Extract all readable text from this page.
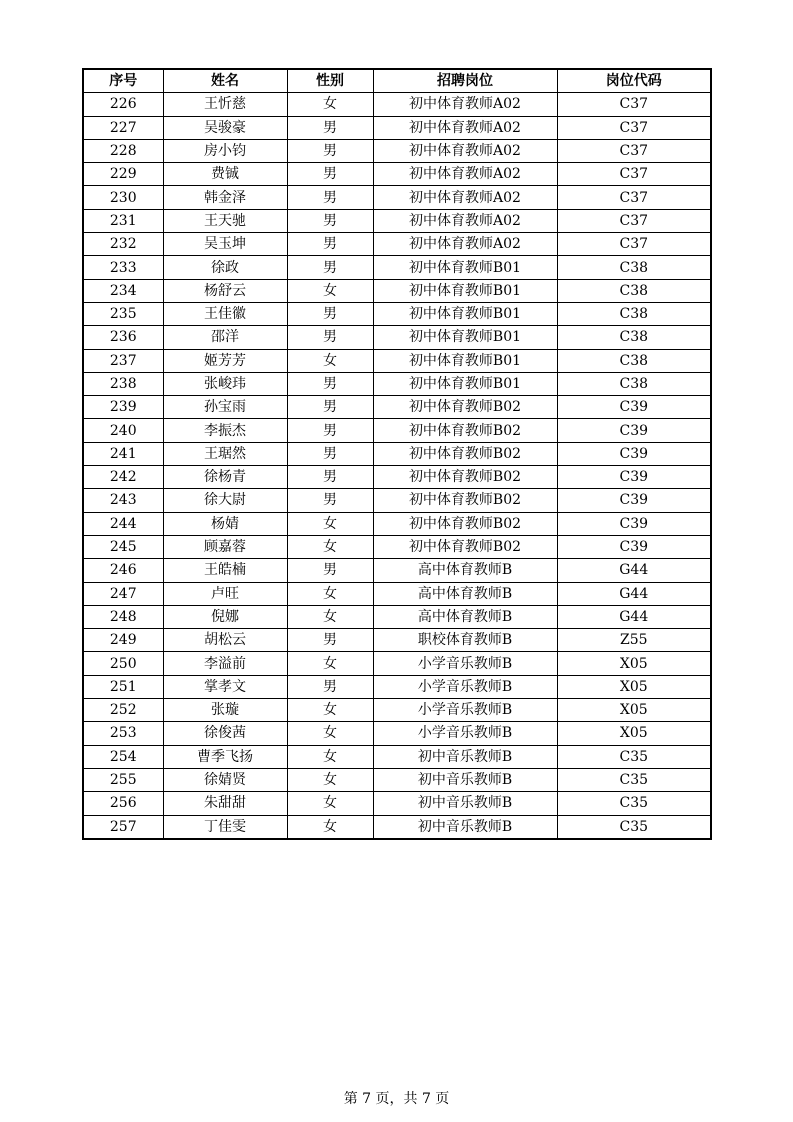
序号	姓名	性别	招聘岗位	岗位代码
226	王忻慈	女	初中体育教师A02	C37
227	吴骏豪	男	初中体育教师A02	C37
228	房小钧	男	初中体育教师A02	C37
229	费铖	男	初中体育教师A02	C37
230	韩金泽	男	初中体育教师A02	C37
231	王天驰	男	初中体育教师A02	C37
232	吴玉坤	男	初中体育教师A02	C37
233	徐政	男	初中体育教师B01	C38
234	杨舒云	女	初中体育教师B01	C38
235	王佳徽	男	初中体育教师B01	C38
236	邵洋	男	初中体育教师B01	C38
237	姬芳芳	女	初中体育教师B01	C38
238	张峻玮	男	初中体育教师B01	C38
239	孙宝雨	男	初中体育教师B02	C39
240	李振杰	男	初中体育教师B02	C39
241	王琚然	男	初中体育教师B02	C39
242	徐杨青	男	初中体育教师B02	C39
243	徐大尉	男	初中体育教师B02	C39
244	杨婧	女	初中体育教师B02	C39
245	顾嘉蓉	女	初中体育教师B02	C39
246	王皓楠	男	高中体育教师B	G44
247	卢旺	女	高中体育教师B	G44
248	倪娜	女	高中体育教师B	G44
249	胡松云	男	职校体育教师B	Z55
250	李溢前	女	小学音乐教师B	X05
251	掌孝文	男	小学音乐教师B	X05
252	张璇	女	小学音乐教师B	X05
253	徐俊茜	女	小学音乐教师B	X05
254	曹季飞扬	女	初中音乐教师B	C35
255	徐婧贤	女	初中音乐教师B	C35
256	朱甜甜	女	初中音乐教师B	C35
257	丁佳雯	女	初中音乐教师B	C35
第 7 页，共 7 页
